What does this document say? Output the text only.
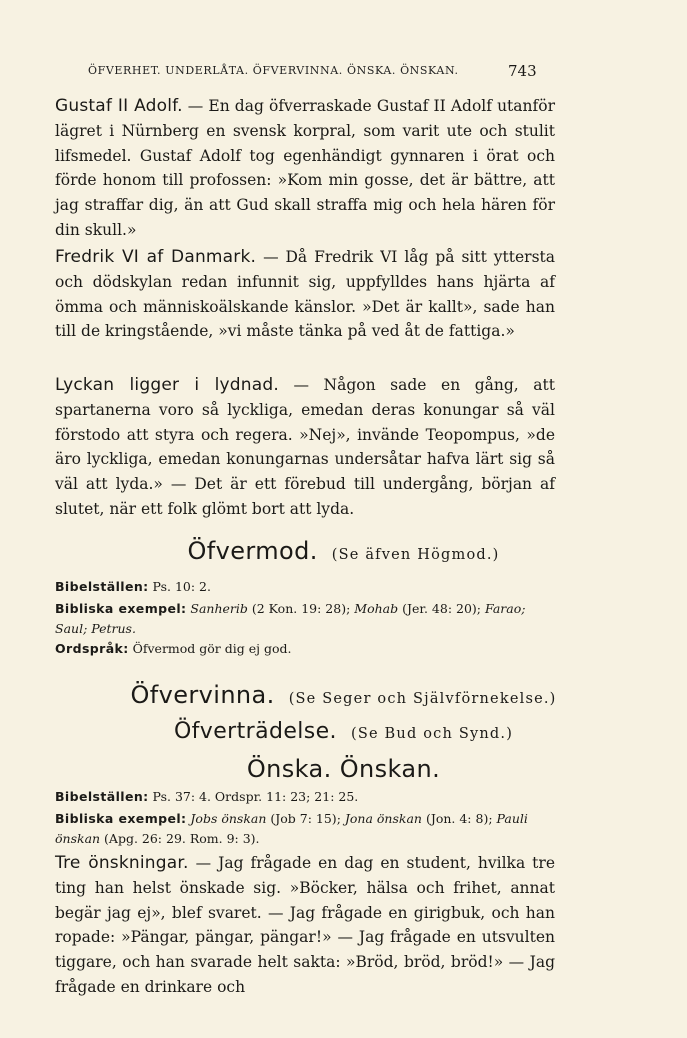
ÖFVERHET. UNDERLÅTA. ÖFVERVINNA. ÖNSKA. ÖNSKAN.	743

Gustaf II Adolf. — En dag öfverraskade Gustaf II Adolf utanför lägret i Nürnberg en svensk korpral, som varit ute och stulit lifsmedel. Gustaf Adolf tog egenhändigt gynnaren i örat och förde honom till profossen: »Kom min gosse, det är bättre, att jag straffar dig, än att Gud skall straffa mig och hela hären för din skull.»

Fredrik VI af Danmark. — Då Fredrik VI låg på sitt yttersta och dödskylan redan infunnit sig, uppfylldes hans hjärta af ömma och människoälskande känslor. »Det är kallt», sade han till de kringstående, »vi måste tänka på ved åt de fattiga.»

Lyckan ligger i lydnad. — Någon sade en gång, att spartanerna voro så lyckliga, emedan deras konungar så väl förstodo att styra och regera. »Nej», invände Teopompus, »de äro lyckliga, emedan konungarnas undersåtar hafva lärt sig så väl att lyda.» — Det är ett förebud till undergång, början af slutet, när ett folk glömt bort att lyda.

Öfvermod. (Se äfven Högmod.)
Bibelställen: Ps. 10: 2.
Bibliska exempel: Sanherib (2 Kon. 19: 28); Mohab (Jer. 48: 20); Farao; Saul; Petrus.
Ordspråk: Öfvermod gör dig ej god.
Öfvervinna. (Se Seger och Självförnekelse.)
Öfverträdelse. (Se Bud och Synd.)
Önska. Önskan.
Bibelställen: Ps. 37: 4. Ordspr. 11: 23; 21: 25.
Bibliska exempel: Jobs önskan (Job 7: 15); Jona önskan (Jon. 4: 8); Pauli önskan (Apg. 26: 29. Rom. 9: 3).

Tre önskningar. — Jag frågade en dag en student, hvilka tre ting han helst önskade sig. »Böcker, hälsa och frihet, annat begär jag ej», blef svaret. — Jag frågade en girigbuk, och han ropade: »Pängar, pängar, pängar!» — Jag frågade en utsvulten tiggare, och han svarade helt sakta: »Bröd, bröd, bröd!» — Jag frågade en drinkare och
